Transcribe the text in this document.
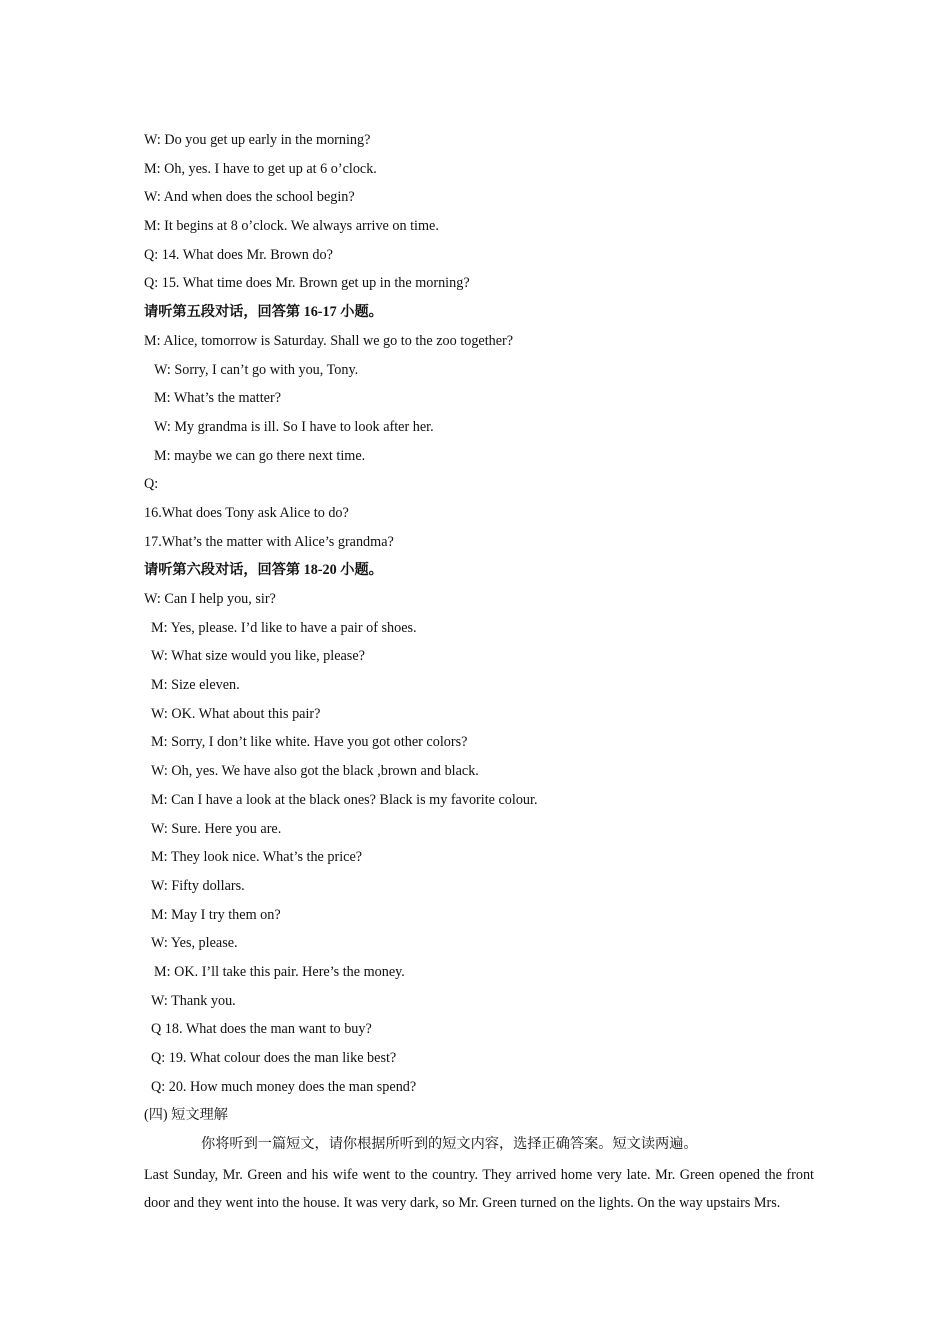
W: Do you get up early in the morning?
M: Oh, yes. I have to get up at 6 o’clock.
W: And when does the school begin?
M: It begins at 8 o’clock. We always arrive on time.
Q: 14. What does Mr. Brown do?
Q: 15. What time does Mr. Brown get up in the morning?
请听第五段对话，回答第 16-17 小题。
M: Alice, tomorrow is Saturday. Shall we go to the zoo together?
W: Sorry, I can’t go with you, Tony.
M: What’s the matter?
W: My grandma is ill. So I have to look after her.
M: maybe we can go there next time.
Q:
16.What does Tony ask Alice to do?
17.What’s the matter with Alice’s grandma?
请听第六段对话，回答第 18-20 小题。
W: Can I help you, sir?
M: Yes, please. I’d like to have a pair of shoes.
W: What size would you like, please?
M: Size eleven.
W: OK. What about this pair?
M: Sorry, I don’t like white. Have you got other colors?
W: Oh, yes. We have also got the black ,brown and black.
M: Can I have a look at the black ones? Black is my favorite colour.
W: Sure. Here you are.
M: They look nice. What’s the price?
W: Fifty dollars.
M: May I try them on?
W: Yes, please.
M: OK. I’ll take this pair. Here’s the money.
W: Thank you.
Q 18. What does the man want to buy?
Q: 19. What colour does the man like best?
Q: 20. How much money does the man spend?
(四) 短文理解
你将听到一篇短文，请你根据所听到的短文内容，选择正确答案。短文读两遍。

Last Sunday, Mr. Green and his wife went to the country. They arrived home very late. Mr. Green opened the front door and they went into the house. It was very dark, so Mr. Green turned on the lights. On the way upstairs Mrs.
